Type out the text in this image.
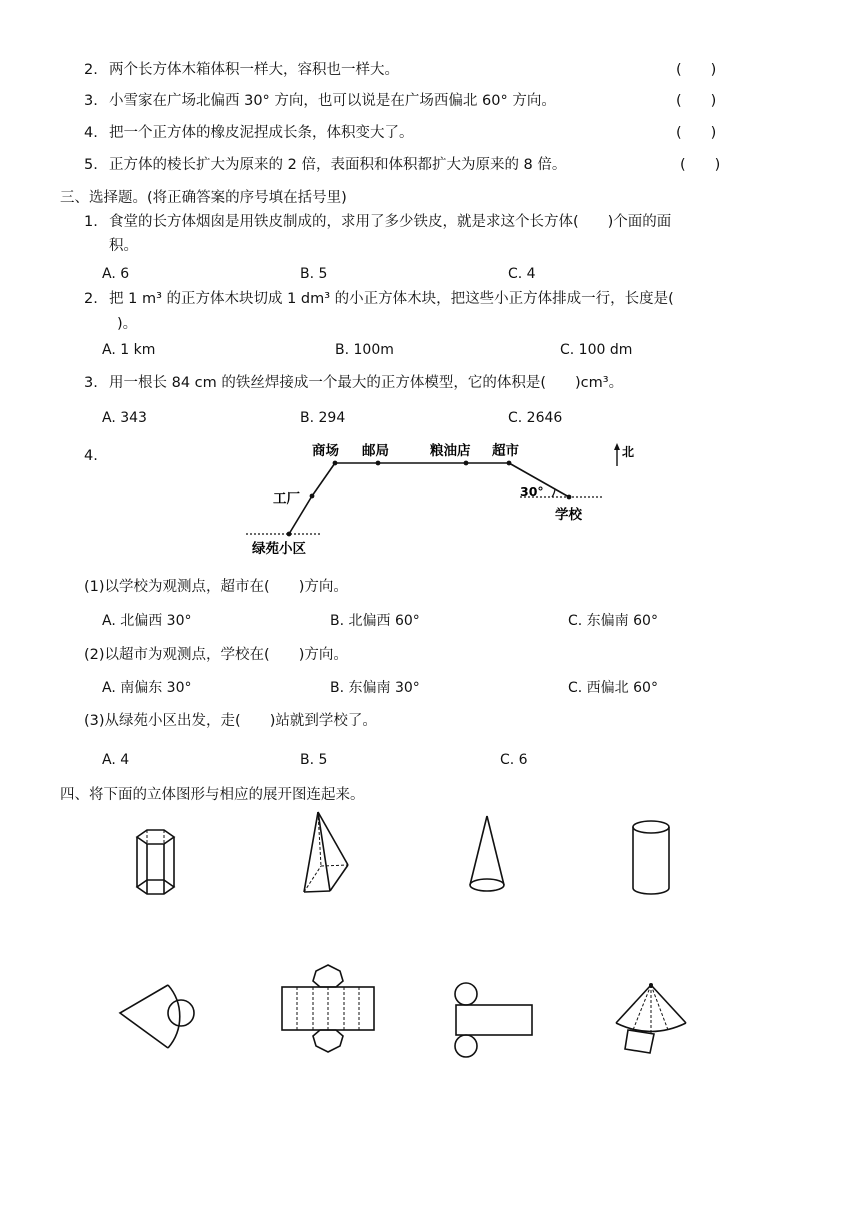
2. 两个长方体木箱体积一样大，容积也一样大。	(　　)
3. 小雪家在广场北偏西 30° 方向，也可以说是在广场西偏北 60° 方向。	(　　)
4. 把一个正方体的橡皮泥捏成长条，体积变大了。	(　　)
5. 正方体的棱长扩大为原来的 2 倍，表面积和体积都扩大为原来的 8 倍。	(　　)
三、选择题。(将正确答案的序号填在括号里)
1. 食堂的长方体烟囱是用铁皮制成的，求用了多少铁皮，就是求这个长方体(　　)个面的面
积。
A. 6	B. 5	C. 4
2. 把 1 m³ 的正方体木块切成 1 dm³ 的小正方体木块，把这些小正方体排成一行，长度是(
)。
A. 1 km	B. 100m	C. 100 dm
3. 用一根长 84 cm 的铁丝焊接成一个最大的正方体模型，它的体积是(　　)cm³。
A. 343	B. 294	C. 2646
4.	商场 邮局	粮油店 超市
工厂
绿苑小区
学校
北
30°
(1)以学校为观测点，超市在(　　)方向。
A. 北偏西 30°	B. 北偏西 60°	C. 东偏南 60°
(2)以超市为观测点，学校在(　　)方向。
A. 南偏东 30°	B. 东偏南 30°	C. 西偏北 60°
(3)从绿苑小区出发，走(　　)站就到学校了。
A. 4	B. 5	C. 6
四、将下面的立体图形与相应的展开图连起来。
